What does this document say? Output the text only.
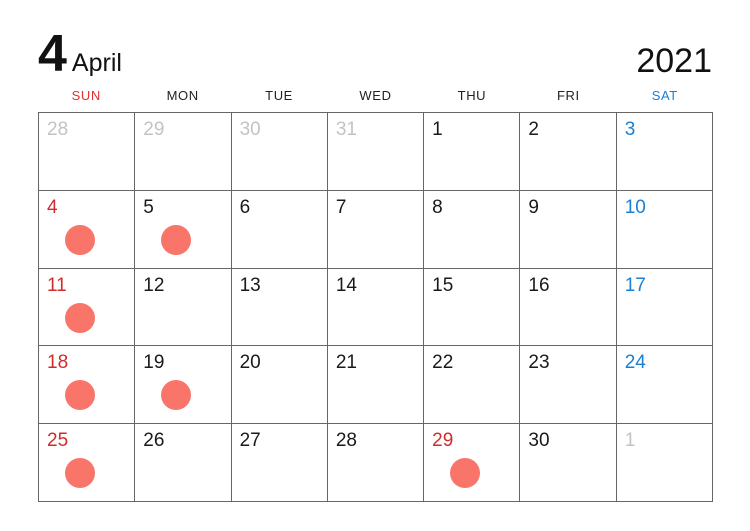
4 April	2021
SUN	MON	TUE	WED	THU	FRI	SAT
28	29	30	31	1	2	3
4	5	6	7	8	9	10
11	12	13	14	15	16	17
18	19	20	21	22	23	24
25	26	27	28	29	30	1
